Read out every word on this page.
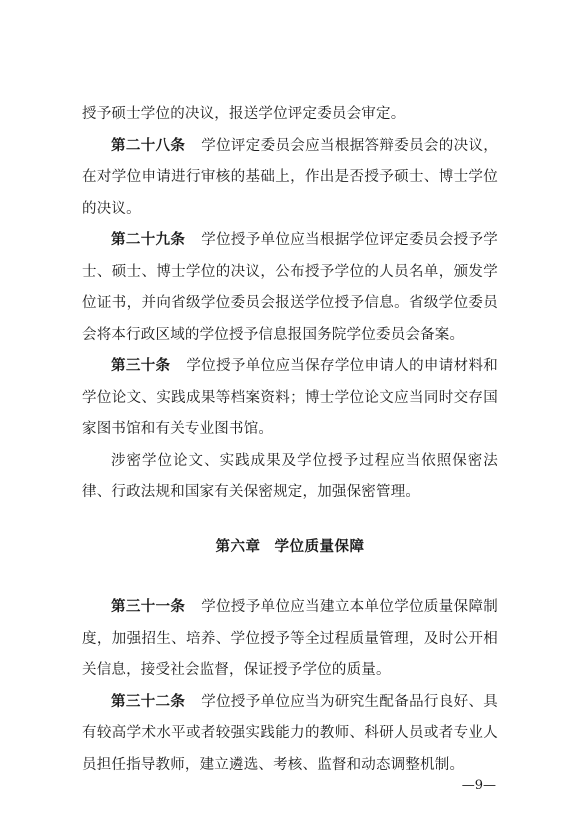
授予硕士学位的决议，报送学位评定委员会审定。

第二十八条 学位评定委员会应当根据答辩委员会的决议，在对学位申请进行审核的基础上，作出是否授予硕士、博士学位的决议。

第二十九条 学位授予单位应当根据学位评定委员会授予学士、硕士、博士学位的决议，公布授予学位的人员名单，颁发学位证书，并向省级学位委员会报送学位授予信息。省级学位委员会将本行政区域的学位授予信息报国务院学位委员会备案。

第三十条 学位授予单位应当保存学位申请人的申请材料和学位论文、实践成果等档案资料；博士学位论文应当同时交存国家图书馆和有关专业图书馆。

涉密学位论文、实践成果及学位授予过程应当依照保密法律、行政法规和国家有关保密规定，加强保密管理。

第六章 学位质量保障

第三十一条 学位授予单位应当建立本单位学位质量保障制度，加强招生、培养、学位授予等全过程质量管理，及时公开相关信息，接受社会监督，保证授予学位的质量。

第三十二条 学位授予单位应当为研究生配备品行良好、具有较高学术水平或者较强实践能力的教师、科研人员或者专业人员担任指导教师，建立遴选、考核、监督和动态调整机制。

—9—
